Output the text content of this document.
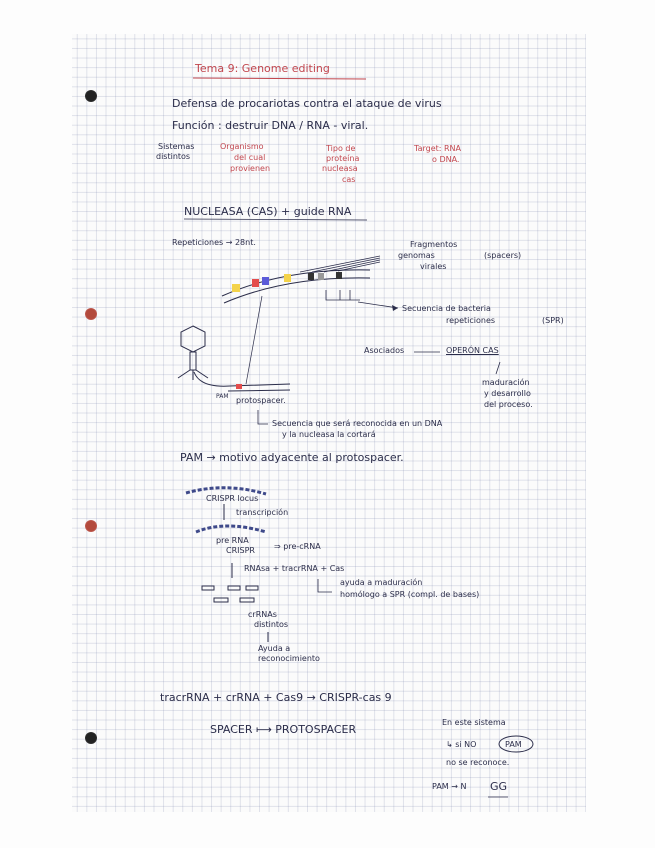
Tema 9: Genome editing
Defensa de procariotas contra el ataque de virus
Función : destruir DNA / RNA - viral.
Sistemas
distintos
Organismo
del cual
provienen
Tipo de
proteína
nucleasa
cas
Target: RNA
o DNA.
NUCLEASA (CAS) + guide RNA
Repeticiones → 28nt.	Fragmentos
genomas
virales
(spacers)
Secuencia de bacteria
repeticiones	(SPR)
Asociados	OPERÓN CAS
maduración
y desarrollo
del proceso.
PAM protospacer.
Secuencia que será reconocida en un DNA
y la nucleasa la cortará
PAM → motivo adyacente al protospacer.
CRISPR locus
transcripción
pre RNA
CRISPR ⇒ pre-cRNA
RNAsa + tracrRNA + Cas
ayuda a maduración
homólogo a SPR (compl. de bases)
crRNAs
distintos
Ayuda a
reconocimiento
tracrRNA + crRNA + Cas9 → CRISPR-cas 9
SPACER ⟼ PROTOSPACER
En este sistema
↳ si NO	PAM
no se reconoce.
PAM → N GG
